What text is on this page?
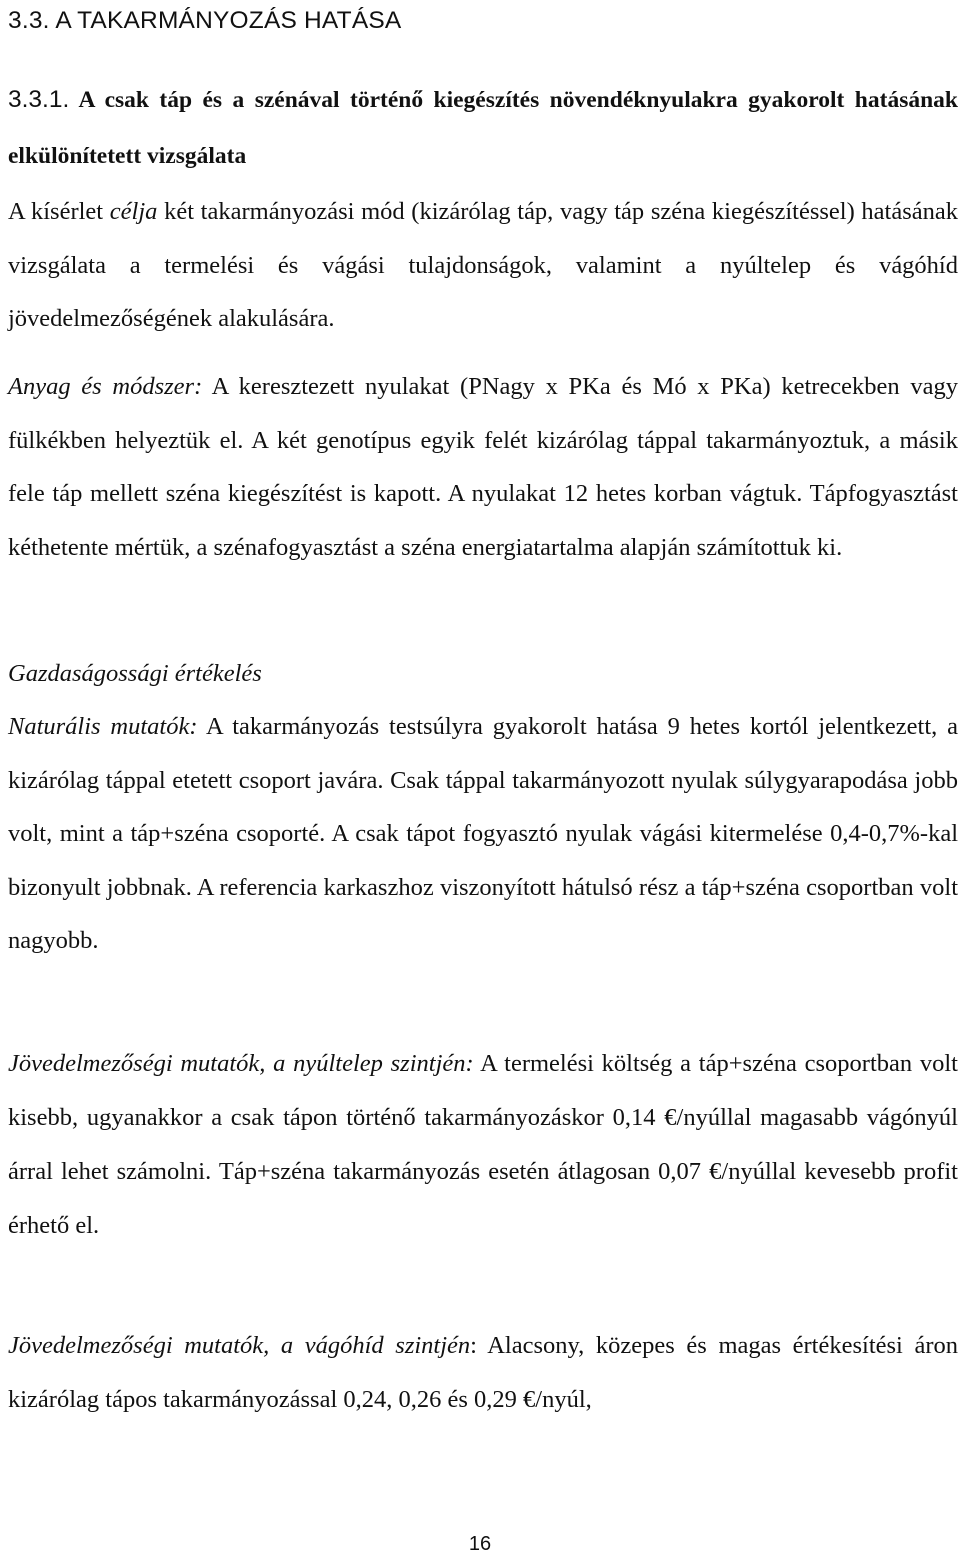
3.3. A TAKARMÁNYOZÁS HATÁSA
3.3.1. A csak táp és a szénával történő kiegészítés növendéknyulakra gyakorolt hatásának elkülönítetett vizsgálata

A kísérlet célja két takarmányozási mód (kizárólag táp, vagy táp széna kiegészítéssel) hatásának vizsgálata a termelési és vágási tulajdonságok, valamint a nyúltelep és vágóhíd jövedelmezőségének alakulására.

Anyag és módszer: A keresztezett nyulakat (PNagy x PKa és Mó x PKa) ketrecekben vagy fülkékben helyeztük el. A két genotípus egyik felét kizárólag táppal takarmányoztuk, a másik fele táp mellett széna kiegészítést is kapott. A nyulakat 12 hetes korban vágtuk. Tápfogyasztást kéthetente mértük, a szénafogyasztást a széna energiatartalma alapján számítottuk ki.

Gazdaságossági értékelés

Naturális mutatók: A takarmányozás testsúlyra gyakorolt hatása 9 hetes kortól jelentkezett, a kizárólag táppal etetett csoport javára. Csak táppal takarmányozott nyulak súlygyarapodása jobb volt, mint a táp+széna csoporté. A csak tápot fogyasztó nyulak vágási kitermelése 0,4-0,7%-kal bizonyult jobbnak. A referencia karkaszhoz viszonyított hátulsó rész a táp+széna csoportban volt nagyobb.

Jövedelmezőségi mutatók, a nyúltelep szintjén: A termelési költség a táp+széna csoportban volt kisebb, ugyanakkor a csak tápon történő takarmányozáskor 0,14 €/nyúllal magasabb vágónyúl árral lehet számolni. Táp+széna takarmányozás esetén átlagosan 0,07 €/nyúllal kevesebb profit érhető el.

Jövedelmezőségi mutatók, a vágóhíd szintjén: Alacsony, közepes és magas értékesítési áron kizárólag tápos takarmányozással 0,24, 0,26 és 0,29 €/nyúl,

16
